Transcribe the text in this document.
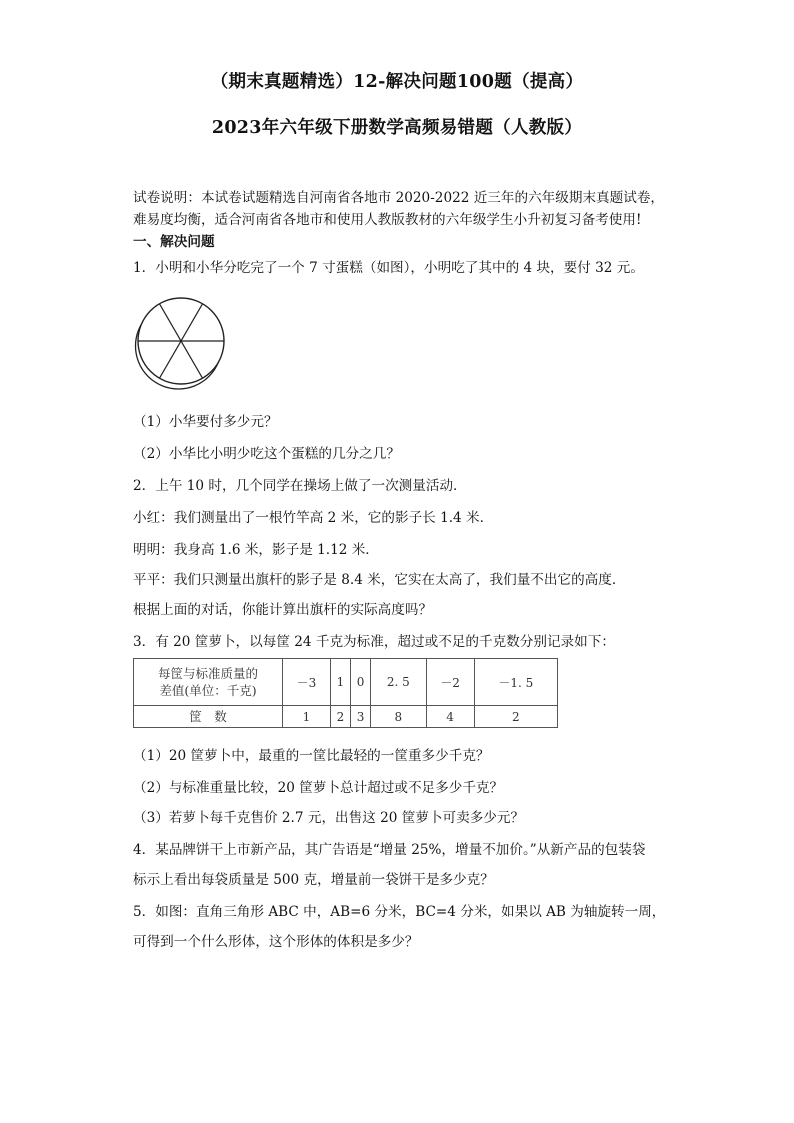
（期末真题精选）12-解决问题100题（提高）
2023年六年级下册数学高频易错题（人教版）
试卷说明：本试卷试题精选自河南省各地市 2020-2022 近三年的六年级期末真题试卷，
难易度均衡，适合河南省各地市和使用人教版教材的六年级学生小升初复习备考使用!
一、解决问题
1．小明和小华分吃完了一个 7 寸蛋糕（如图），小明吃了其中的 4 块，要付 32 元。
（1）小华要付多少元？
（2）小华比小明少吃这个蛋糕的几分之几？
2．上午 10 时，几个同学在操场上做了一次测量活动．
小红：我们测量出了一根竹竿高 2 米，它的影子长 1.4 米．
明明：我身高 1.6 米，影子是 1.12 米．
平平：我们只测量出旗杆的影子是 8.4 米，它实在太高了，我们量不出它的高度．
根据上面的对话，你能计算出旗杆的实际高度吗？
3．有 20 筐萝卜，以每筐 24 千克为标准，超过或不足的千克数分别记录如下：
每筐与标准质量的
差值(单位：千克)	－3	1	0	2. 5	－2	－1. 5
筐　数	1	2	3	8	4	2
（1）20 筐萝卜中，最重的一筐比最轻的一筐重多少千克？
（2）与标准重量比较，20 筐萝卜总计超过或不足多少千克？
（3）若萝卜每千克售价 2.7 元，出售这 20 筐萝卜可卖多少元？
4．某品牌饼干上市新产品，其广告语是“增量 25%，增量不加价。”从新产品的包装袋
标示上看出每袋质量是 500 克，增量前一袋饼干是多少克？
5．如图：直角三角形 ABC 中，AB=6 分米，BC=4 分米，如果以 AB 为轴旋转一周，
可得到一个什么形体，这个形体的体积是多少？
